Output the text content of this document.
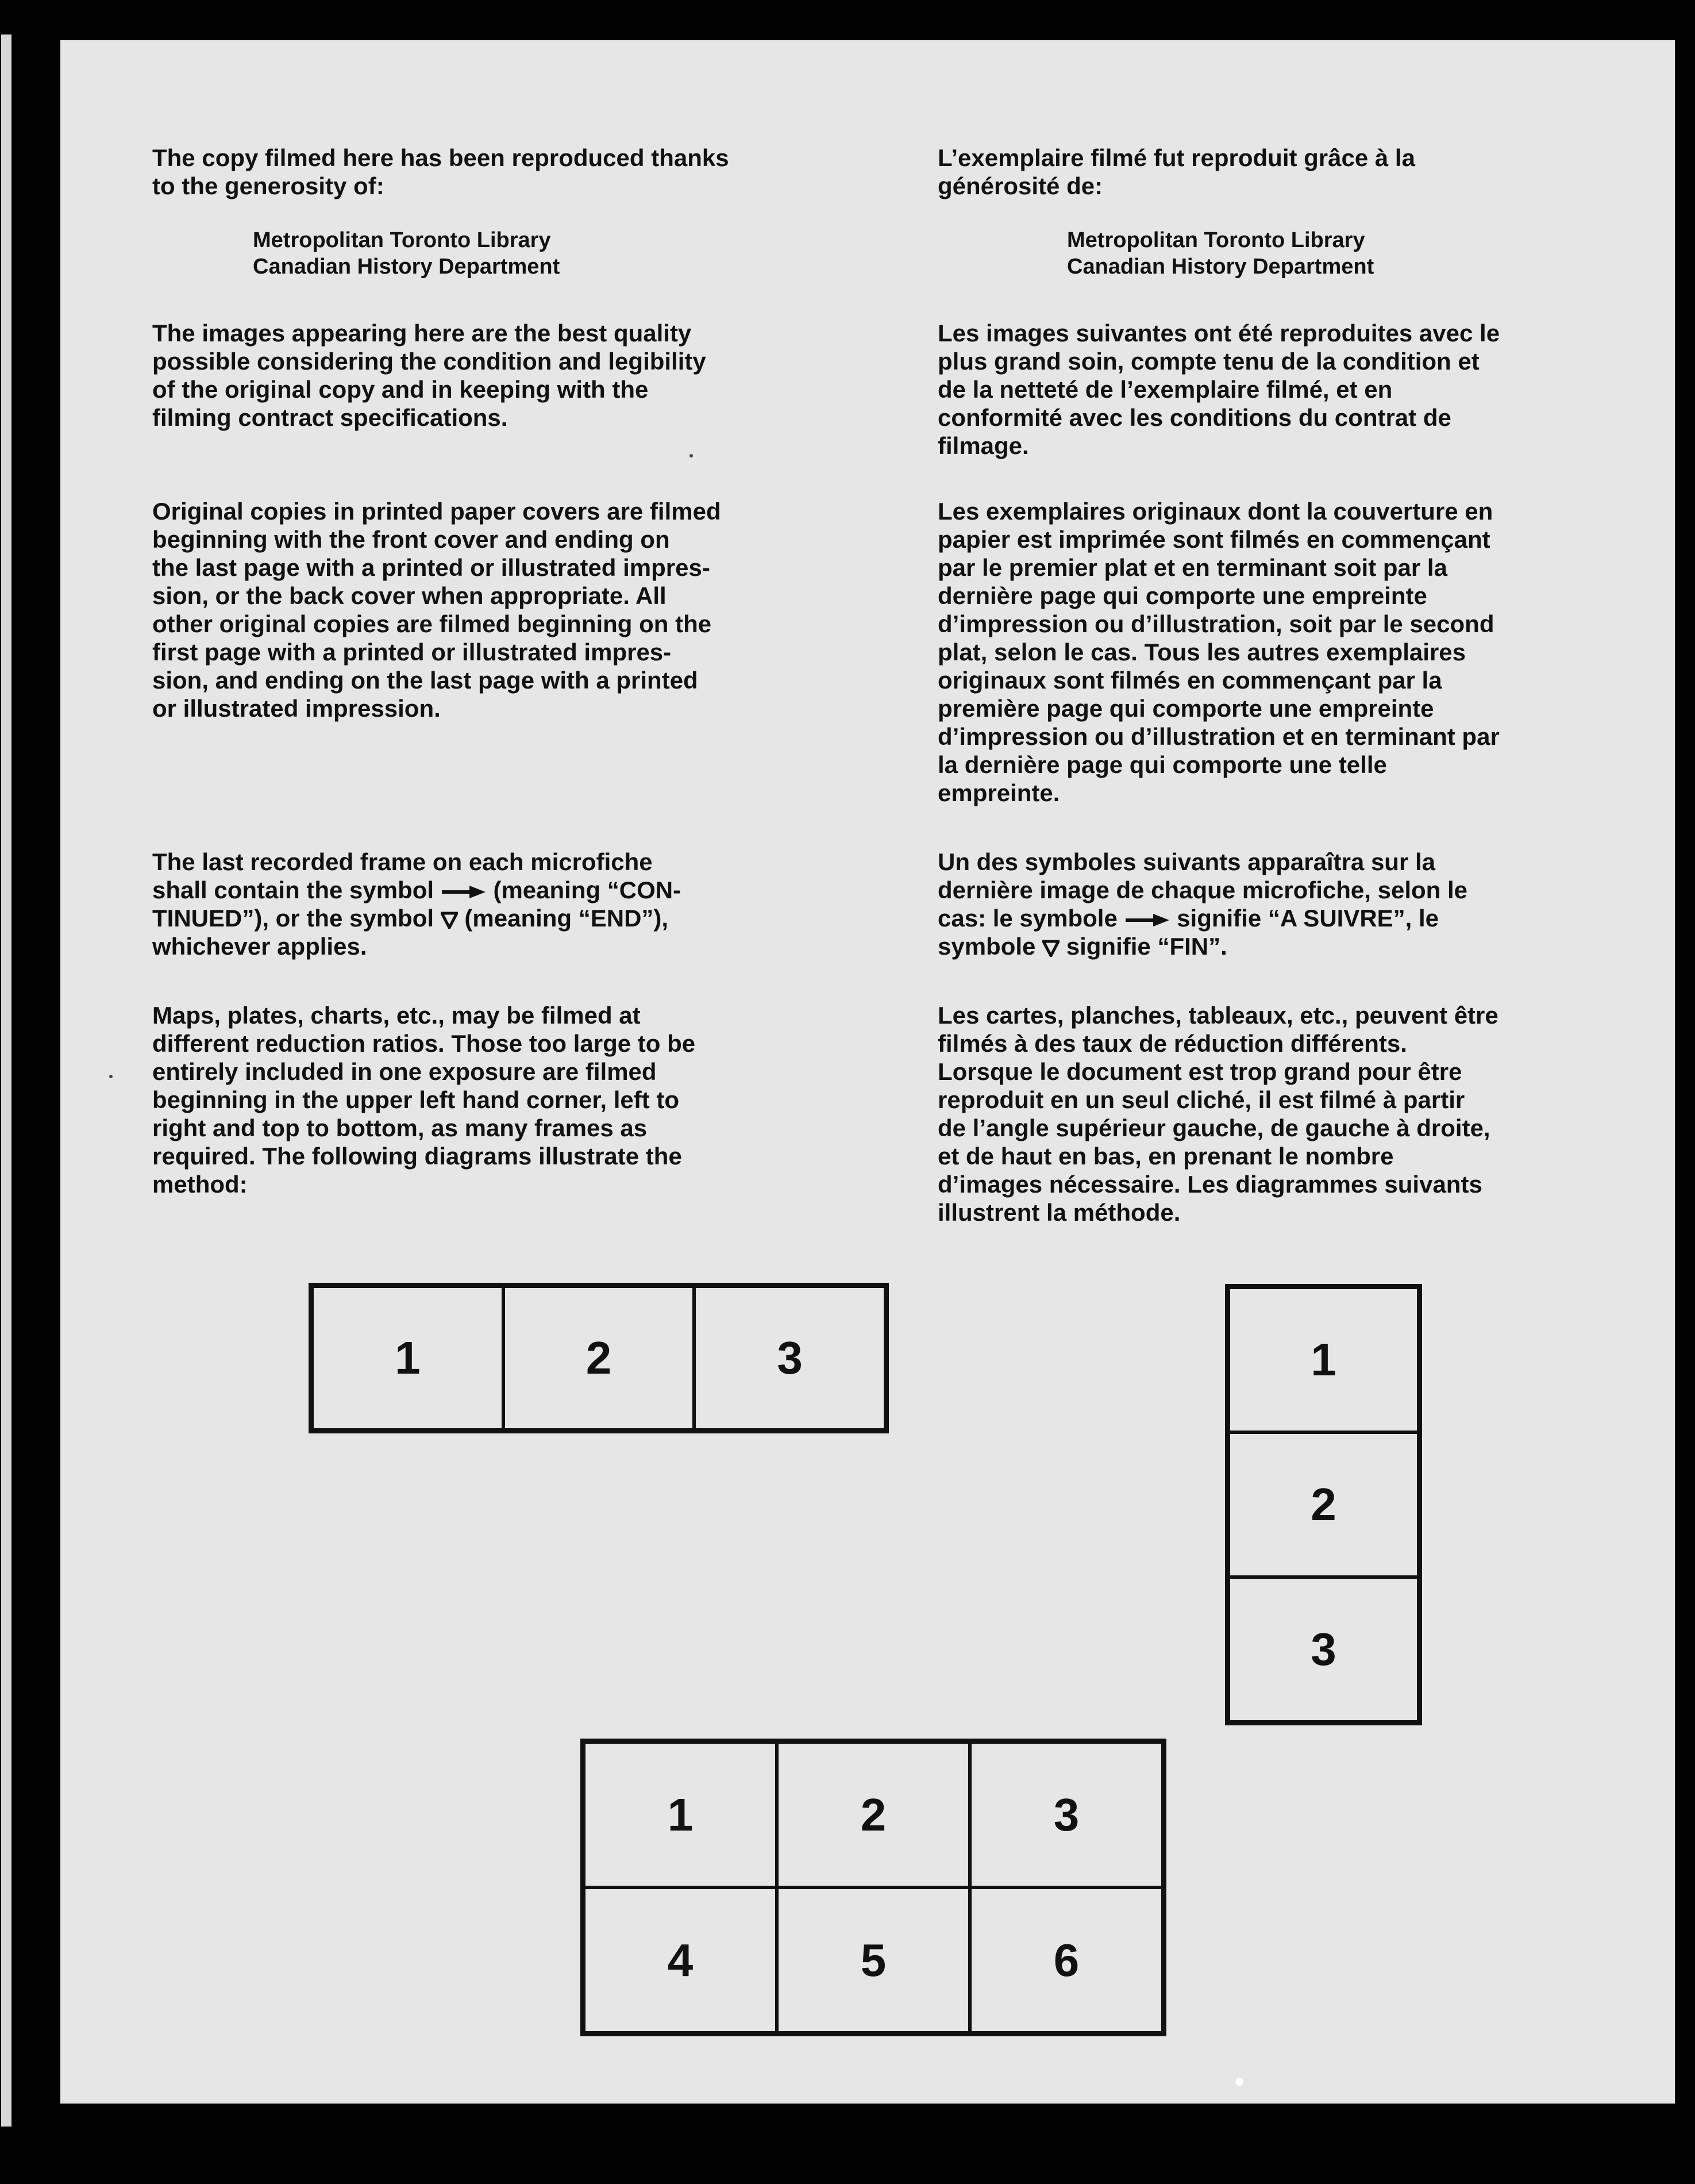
The copy filmed here has been reproduced thanks

to the generosity of:

Metropolitan Toronto Library

Canadian History Department

The images appearing here are the best quality

possible considering the condition and legibility

of the original copy and in keeping with the

filming contract specifications.

Original copies in printed paper covers are filmed

beginning with the front cover and ending on

the last page with a printed or illustrated impres-

sion, or the back cover when appropriate. All

other original copies are filmed beginning on the

first page with a printed or illustrated impres-

sion, and ending on the last page with a printed

or illustrated impression.

The last recorded frame on each microfiche

shall contain the symbol (meaning “CON-

TINUED”), or the symbol (meaning “END”),

whichever applies.

Maps, plates, charts, etc., may be filmed at

different reduction ratios. Those too large to be

entirely included in one exposure are filmed

beginning in the upper left hand corner, left to

right and top to bottom, as many frames as

required. The following diagrams illustrate the

method:

L’exemplaire filmé fut reproduit grâce à la

générosité de:

Metropolitan Toronto Library

Canadian History Department

Les images suivantes ont été reproduites avec le

plus grand soin, compte tenu de la condition et

de la netteté de l’exemplaire filmé, et en

conformité avec les conditions du contrat de

filmage.

Les exemplaires originaux dont la couverture en

papier est imprimée sont filmés en commençant

par le premier plat et en terminant soit par la

dernière page qui comporte une empreinte

d’impression ou d’illustration, soit par le second

plat, selon le cas. Tous les autres exemplaires

originaux sont filmés en commençant par la

première page qui comporte une empreinte

d’impression ou d’illustration et en terminant par

la dernière page qui comporte une telle

empreinte.

Un des symboles suivants apparaîtra sur la

dernière image de chaque microfiche, selon le

cas: le symbole signifie “A SUIVRE”, le

symbole signifie “FIN”.

Les cartes, planches, tableaux, etc., peuvent être

filmés à des taux de réduction différents.

Lorsque le document est trop grand pour être

reproduit en un seul cliché, il est filmé à partir

de l’angle supérieur gauche, de gauche à droite,

et de haut en bas, en prenant le nombre

d’images nécessaire. Les diagrammes suivants

illustrent la méthode.

1	2	3	1
2
3
1	2	3
4	5	6
